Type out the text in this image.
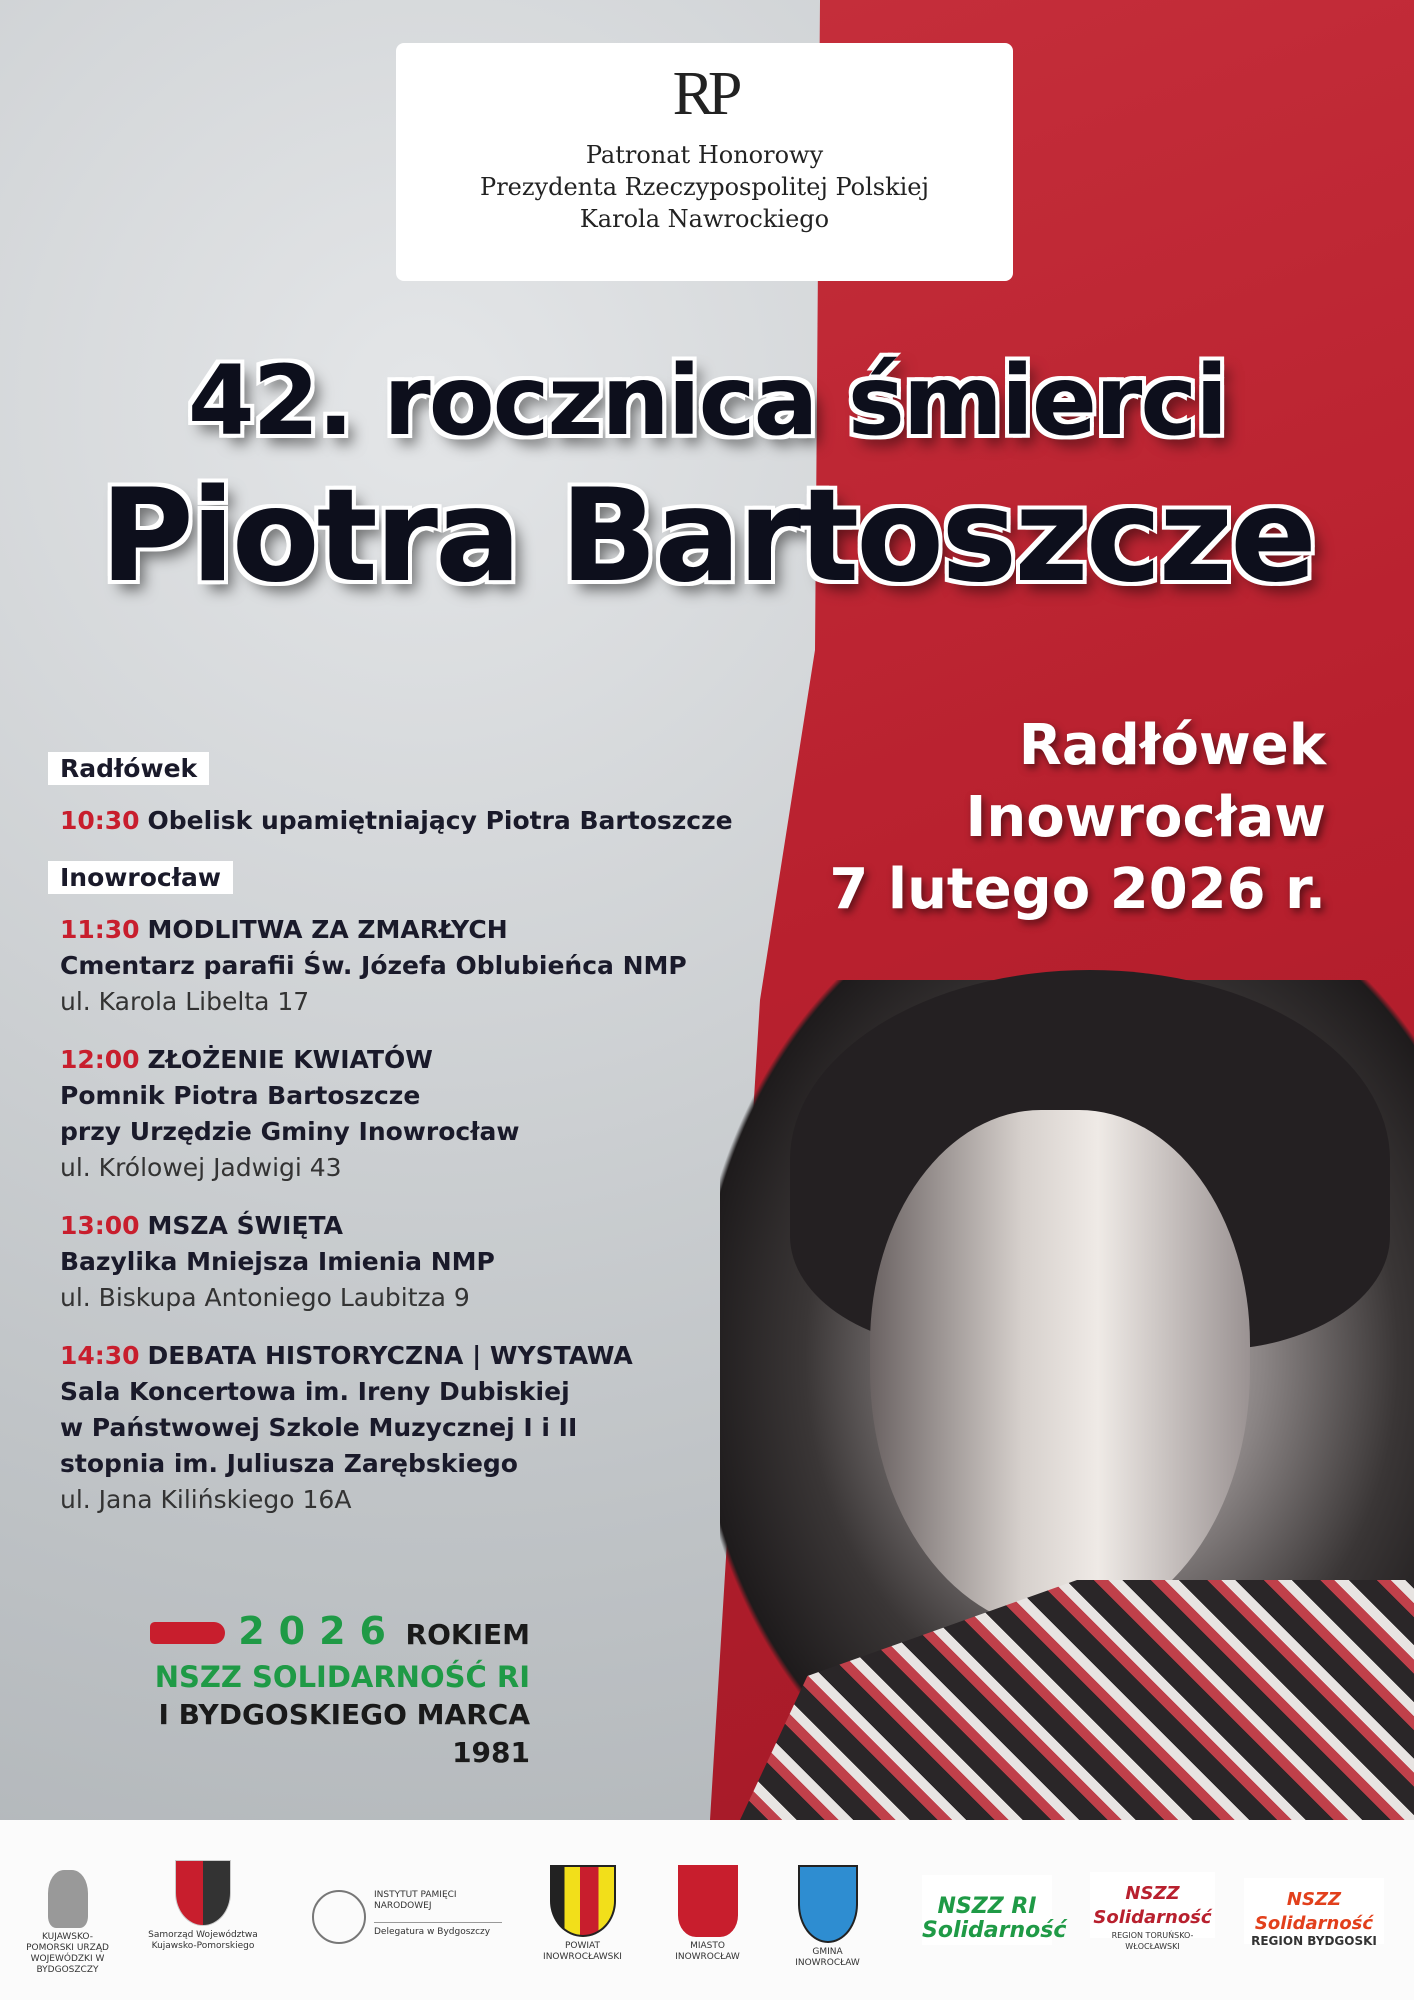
RP
Patronat Honorowy
Prezydenta Rzeczypospolitej Polskiej
Karola Nawrockiego
42. rocznica śmierci
Piotra Bartoszcze
Radłówek
Inowrocław
7 lutego 2026 r.
Radłówek
10:30 Obelisk upamiętniający Piotra Bartoszcze
Inowrocław
11:30 MODLITWA ZA ZMARŁYCH
Cmentarz parafii Św. Józefa Oblubieńca NMP
ul. Karola Libelta 17
12:00 ZŁOŻENIE KWIATÓW
Pomnik Piotra Bartoszcze
przy Urzędzie Gminy Inowrocław
ul. Królowej Jadwigi 43
13:00 MSZA ŚWIĘTA
Bazylika Mniejsza Imienia NMP
ul. Biskupa Antoniego Laubitza 9
14:30 DEBATA HISTORYCZNA | WYSTAWA
Sala Koncertowa im. Ireny Dubiskiej
w Państwowej Szkole Muzycznej I i II
stopnia im. Juliusza Zarębskiego
ul. Jana Kilińskiego 16A
2026 ROKIEM
NSZZ SOLIDARNOŚĆ RI
I BYDGOSKIEGO MARCA 1981
KUJAWSKO-POMORSKI URZĄD WOJEWÓDZKI W BYDGOSZCZY
Samorząd Województwa Kujawsko-Pomorskiego
INSTYTUT PAMIĘCI NARODOWEJ
Delegatura w Bydgoszczy
POWIAT INOWROCŁAWSKI
MIASTO INOWROCŁAW	GMINA INOWROCŁAW
NSZZ RI Solidarność
NSZZ Solidarność
REGION TORUŃSKO-WŁOCŁAWSKI
NSZZ Solidarność
REGION BYDGOSKI
